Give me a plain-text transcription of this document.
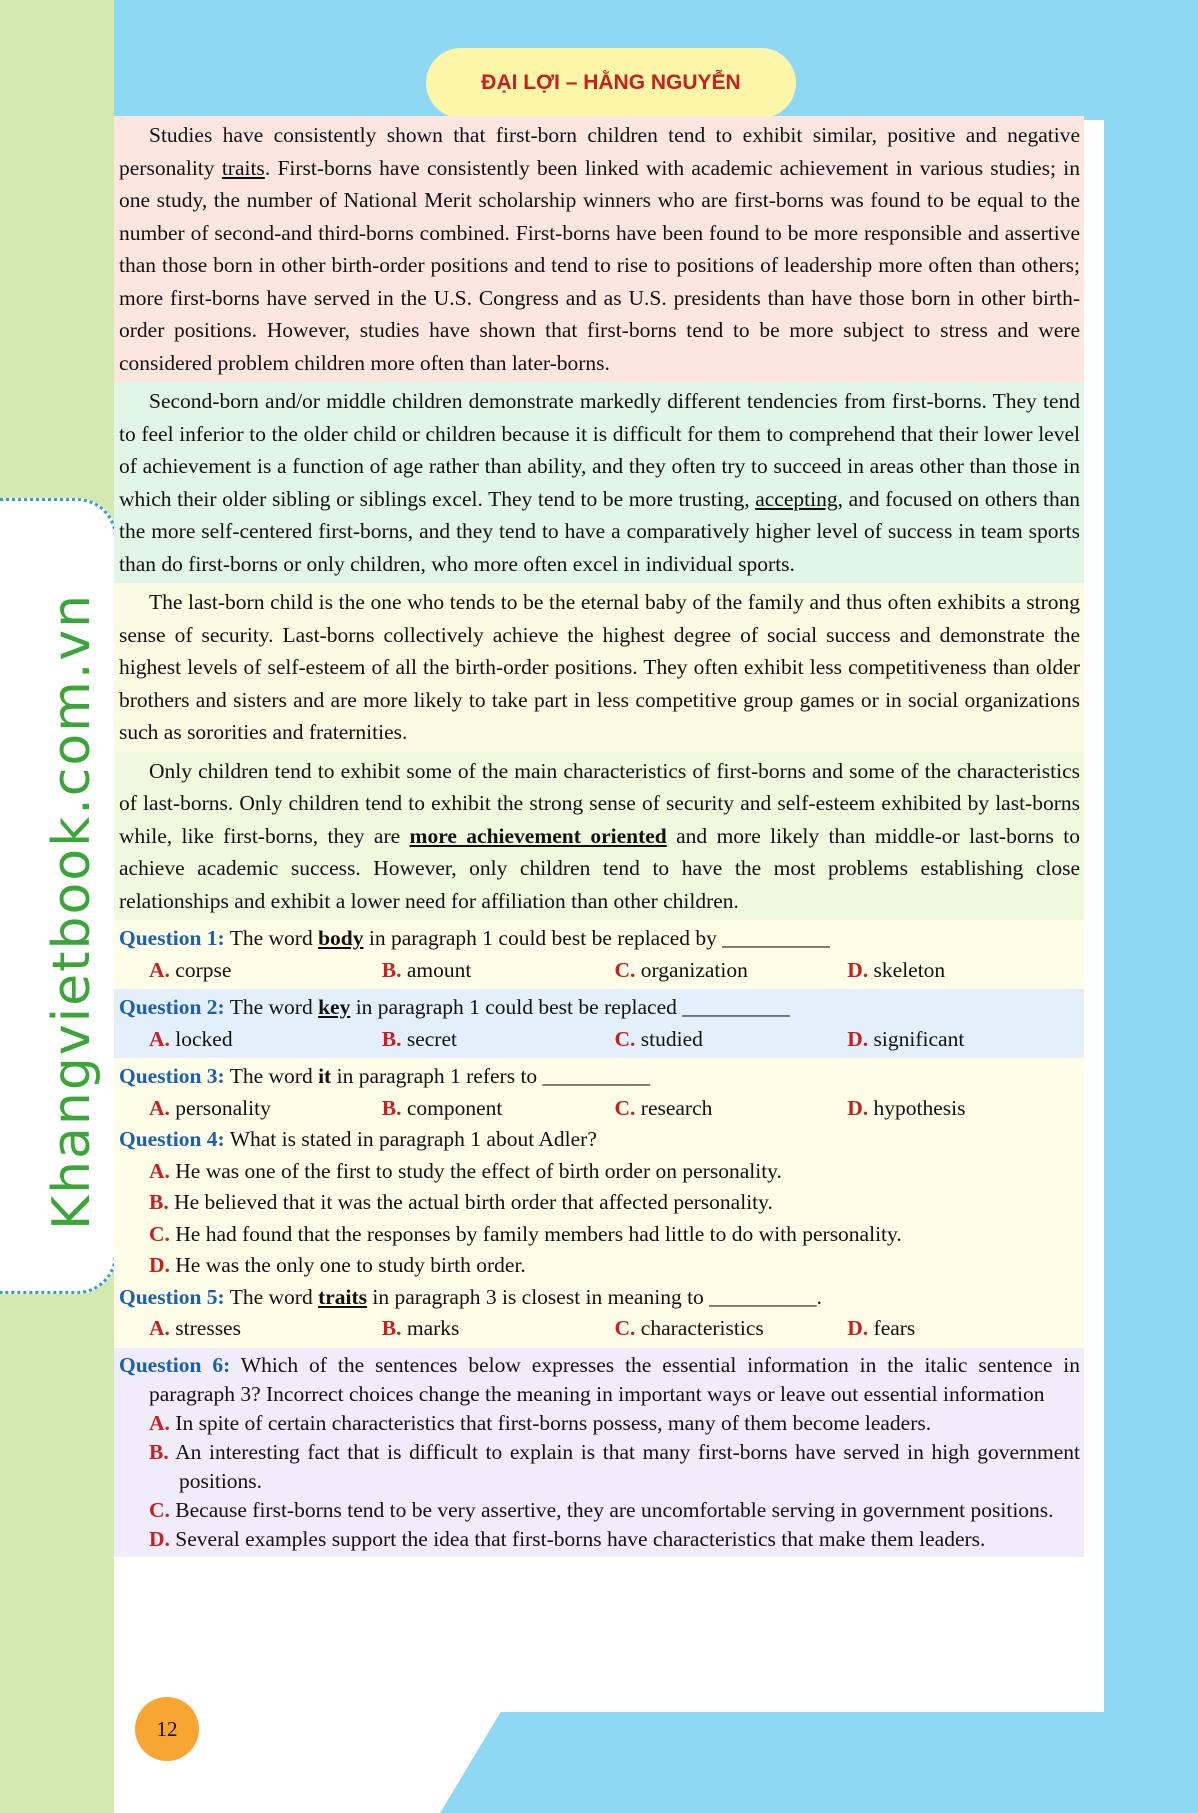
Khangvietbook.com.vn
ĐẠI LỢI – HẰNG NGUYỄN
Studies have consistently shown that first-born children tend to exhibit similar, positive and negative personality traits. First-borns have consistently been linked with academic achievement in various studies; in one study, the number of National Merit scholarship winners who are first-borns was found to be equal to the number of second-and third-borns combined. First-borns have been found to be more responsible and assertive than those born in other birth-order positions and tend to rise to positions of leadership more often than others; more first-borns have served in the U.S. Congress and as U.S. presidents than have those born in other birth-order positions. However, studies have shown that first-borns tend to be more subject to stress and were considered problem children more often than later-borns.
Second-born and/or middle children demonstrate markedly different tendencies from first-borns. They tend to feel inferior to the older child or children because it is difficult for them to comprehend that their lower level of achievement is a function of age rather than ability, and they often try to succeed in areas other than those in which their older sibling or siblings excel. They tend to be more trusting, accepting, and focused on others than the more self-centered first-borns, and they tend to have a comparatively higher level of success in team sports than do first-borns or only children, who more often excel in individual sports.
The last-born child is the one who tends to be the eternal baby of the family and thus often exhibits a strong sense of security. Last-borns collectively achieve the highest degree of social success and demonstrate the highest levels of self-esteem of all the birth-order positions. They often exhibit less competitiveness than older brothers and sisters and are more likely to take part in less competitive group games or in social organizations such as sororities and fraternities.
Only children tend to exhibit some of the main characteristics of first-borns and some of the characteristics of last-borns. Only children tend to exhibit the strong sense of security and self-esteem exhibited by last-borns while, like first-borns, they are more achievement oriented and more likely than middle-or last-borns to achieve academic success. However, only children tend to have the most problems establishing close relationships and exhibit a lower need for affiliation than other children.
Question 1: The word body in paragraph 1 could best be replaced by __________
A. corpse	B. amount	C. organization	D. skeleton
Question 2: The word key in paragraph 1 could best be replaced __________
A. locked	B. secret	C. studied	D. significant
Question 3: The word it in paragraph 1 refers to __________
A. personality	B. component	C. research	D. hypothesis
Question 4: What is stated in paragraph 1 about Adler?
A. He was one of the first to study the effect of birth order on personality.
B. He believed that it was the actual birth order that affected personality.
C. He had found that the responses by family members had little to do with personality.
D. He was the only one to study birth order.
Question 5: The word traits in paragraph 3 is closest in meaning to __________.
A. stresses	B. marks	C. characteristics	D. fears
Question 6: Which of the sentences below expresses the essential information in the italic sentence in paragraph 3? Incorrect choices change the meaning in important ways or leave out essential information
A. In spite of certain characteristics that first-borns possess, many of them become leaders.
B. An interesting fact that is difficult to explain is that many first-borns have served in high government positions.
C. Because first-borns tend to be very assertive, they are uncomfortable serving in government positions.
D. Several examples support the idea that first-borns have characteristics that make them leaders.
12
